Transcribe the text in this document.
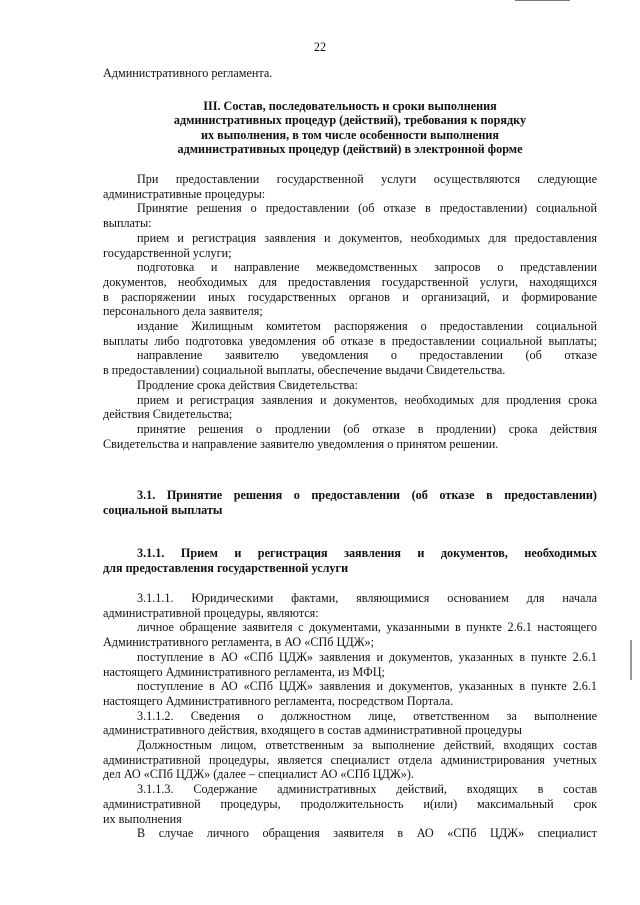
22

Административного регламента.

III. Состав, последовательность и сроки выполнения
административных процедур (действий), требования к порядку
их выполнения, в том числе особенности выполнения
административных процедур (действий) в электронной форме

При предоставлении государственной услуги осуществляются следующие

административные процедуры:

Принятие решения о предоставлении (об отказе в предоставлении) социальной

выплаты:

прием и регистрация заявления и документов, необходимых для предоставления

государственной услуги;

подготовка и направление межведомственных запросов о представлении

документов, необходимых для предоставления государственной услуги, находящихся

в распоряжении иных государственных органов и организаций, и формирование

персонального дела заявителя;

издание Жилищным комитетом распоряжения о предоставлении социальной

выплаты либо подготовка уведомления об отказе в предоставлении социальной выплаты;

направление заявителю уведомления о предоставлении (об отказе

в предоставлении) социальной выплаты, обеспечение выдачи Свидетельства.

Продление срока действия Свидетельства:

прием и регистрация заявления и документов, необходимых для продления срока

действия Свидетельства;

принятие решения о продлении (об отказе в продлении) срока действия

Свидетельства и направление заявителю уведомления о принятом решении.

3.1. Принятие решения о предоставлении (об отказе в предоставлении)

социальной выплаты

3.1.1. Прием и регистрация заявления и документов, необходимых

для предоставления государственной услуги

3.1.1.1. Юридическими фактами, являющимися основанием для начала

административной процедуры, являются:

личное обращение заявителя с документами, указанными в пункте 2.6.1 настоящего

Административного регламента, в АО «СПб ЦДЖ»;

поступление в АО «СПб ЦДЖ» заявления и документов, указанных в пункте 2.6.1

настоящего Административного регламента, из МФЦ;

поступление в АО «СПб ЦДЖ» заявления и документов, указанных в пункте 2.6.1

настоящего Административного регламента, посредством Портала.

3.1.1.2. Сведения о должностном лице, ответственном за выполнение

административного действия, входящего в состав административной процедуры

Должностным лицом, ответственным за выполнение действий, входящих состав

административной процедуры, является специалист отдела администрирования учетных

дел АО «СПб ЦДЖ» (далее – специалист АО «СПб ЦДЖ»).

3.1.1.3. Содержание административных действий, входящих в состав

административной процедуры, продолжительность и(или) максимальный срок

их выполнения

В случае личного обращения заявителя в АО «СПб ЦДЖ» специалист
